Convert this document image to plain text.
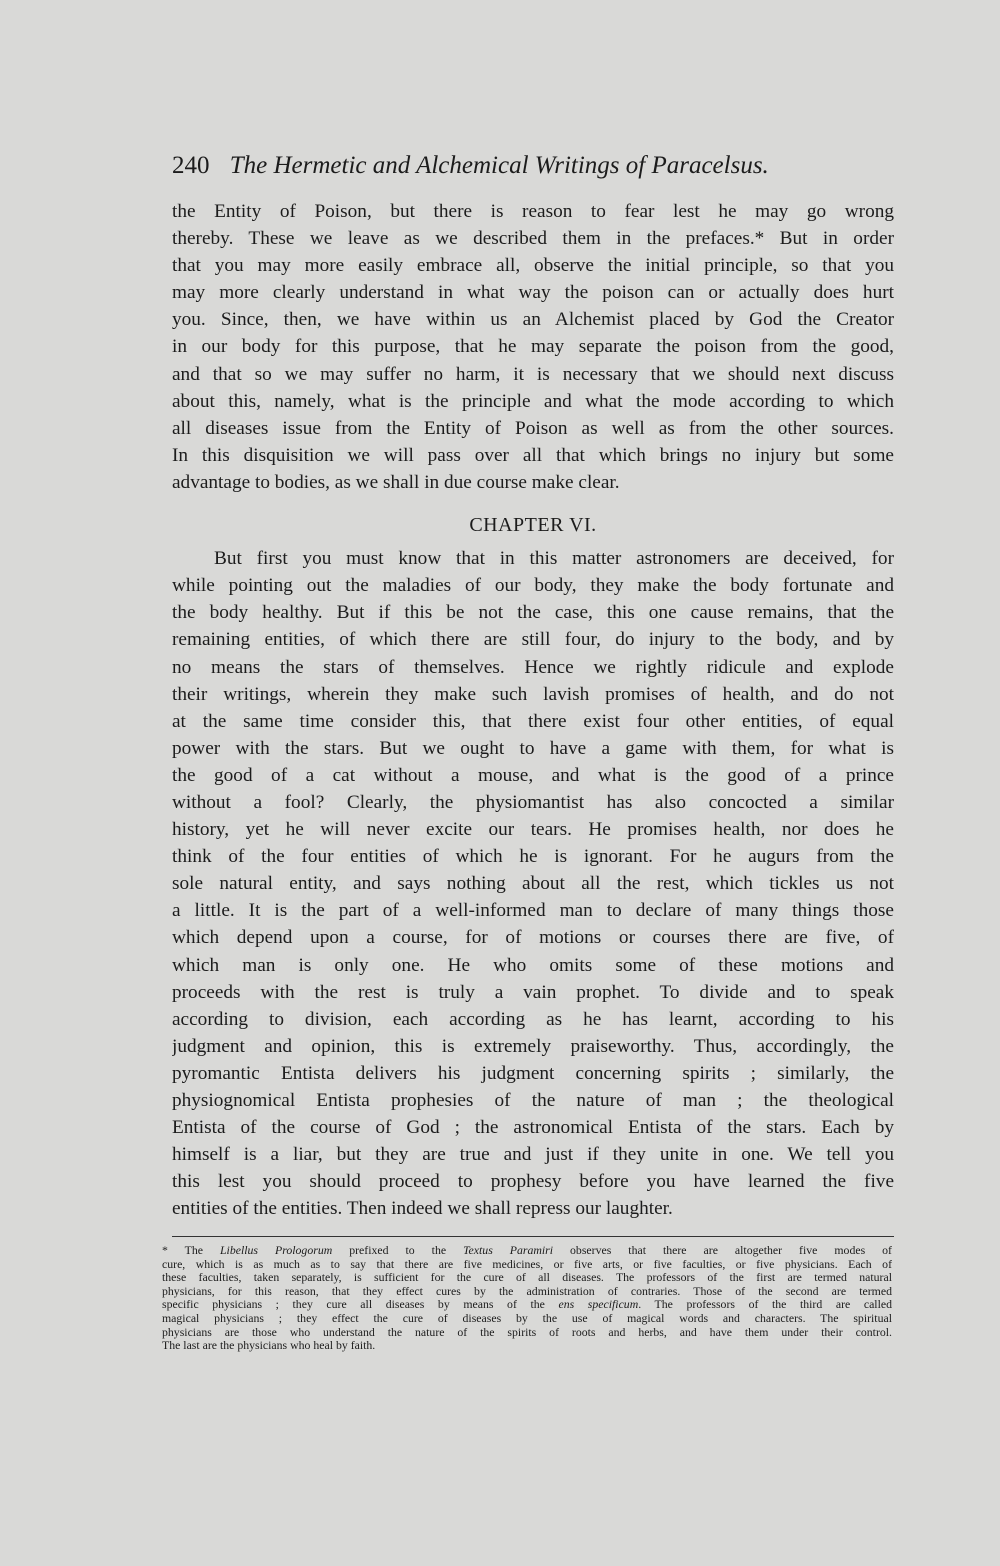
240 The Hermetic and Alchemical Writings of Paracelsus.
the Entity of Poison, but there is reason to fear lest he may go wrong
thereby. These we leave as we described them in the prefaces.* But in order
that you may more easily embrace all, observe the initial principle, so that you
may more clearly understand in what way the poison can or actually does hurt
you. Since, then, we have within us an Alchemist placed by God the Creator
in our body for this purpose, that he may separate the poison from the good,
and that so we may suffer no harm, it is necessary that we should next discuss
about this, namely, what is the principle and what the mode according to which
all diseases issue from the Entity of Poison as well as from the other sources.
In this disquisition we will pass over all that which brings no injury but some
advantage to bodies, as we shall in due course make clear.
CHAPTER VI.
But first you must know that in this matter astronomers are deceived, for
while pointing out the maladies of our body, they make the body fortunate and
the body healthy. But if this be not the case, this one cause remains, that the
remaining entities, of which there are still four, do injury to the body, and by
no means the stars of themselves. Hence we rightly ridicule and explode
their writings, wherein they make such lavish promises of health, and do not
at the same time consider this, that there exist four other entities, of equal
power with the stars. But we ought to have a game with them, for what is
the good of a cat without a mouse, and what is the good of a prince
without a fool? Clearly, the physiomantist has also concocted a similar
history, yet he will never excite our tears. He promises health, nor does he
think of the four entities of which he is ignorant. For he augurs from the
sole natural entity, and says nothing about all the rest, which tickles us not
a little. It is the part of a well-informed man to declare of many things those
which depend upon a course, for of motions or courses there are five, of
which man is only one. He who omits some of these motions and
proceeds with the rest is truly a vain prophet. To divide and to speak
according to division, each according as he has learnt, according to his
judgment and opinion, this is extremely praiseworthy. Thus, accordingly, the
pyromantic Entista delivers his judgment concerning spirits ; similarly, the
physiognomical Entista prophesies of the nature of man ; the theological
Entista of the course of God ; the astronomical Entista of the stars. Each by
himself is a liar, but they are true and just if they unite in one. We tell you
this lest you should proceed to prophesy before you have learned the five
entities of the entities. Then indeed we shall repress our laughter.
* The Libellus Prologorum prefixed to the Textus Paramiri observes that there are altogether five modes of
cure, which is as much as to say that there are five medicines, or five arts, or five faculties, or five physicians. Each of
these faculties, taken separately, is sufficient for the cure of all diseases. The professors of the first are termed natural
physicians, for this reason, that they effect cures by the administration of contraries. Those of the second are termed
specific physicians ; they cure all diseases by means of the ens specificum. The professors of the third are called
magical physicians ; they effect the cure of diseases by the use of magical words and characters. The spiritual
physicians are those who understand the nature of the spirits of roots and herbs, and have them under their control.
The last are the physicians who heal by faith.
